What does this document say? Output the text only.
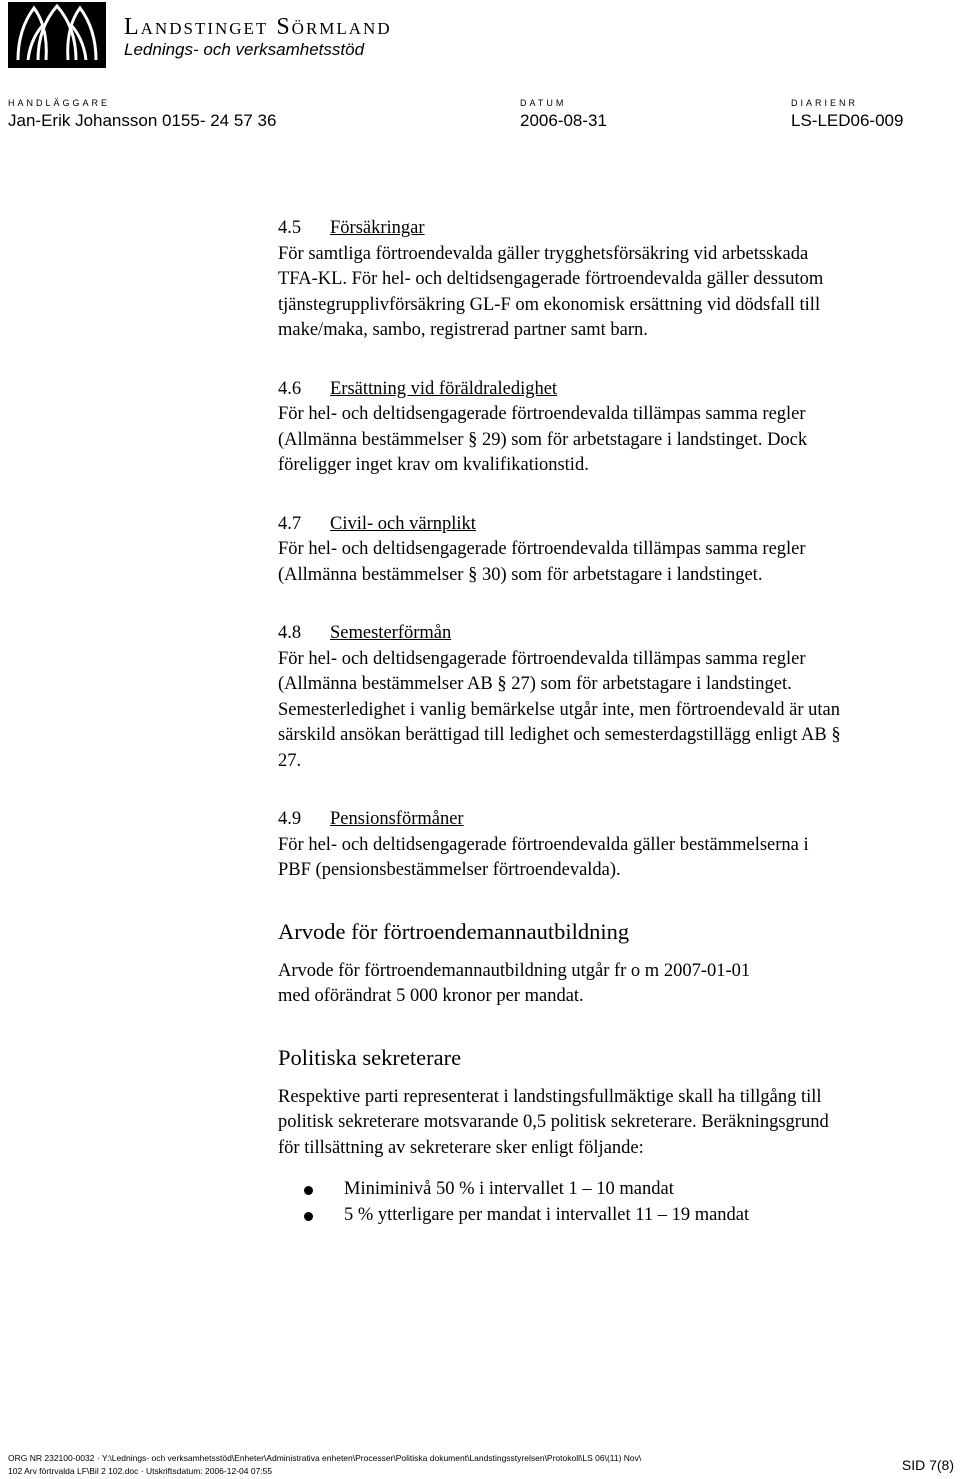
Landstinget Sörmland
Lednings- och verksamhetsstöd
HANDLÄGGARE
Jan-Erik Johansson 0155- 24 57 36
DATUM
2006-08-31
DIARIENR
LS-LED06-009
4.5 Försäkringar
För samtliga förtroendevalda gäller trygghetsförsäkring vid arbetsskada
TFA-KL. För hel- och deltidsengagerade förtroendevalda gäller dessutom
tjänstegrupplivförsäkring GL-F om ekonomisk ersättning vid dödsfall till
make/maka, sambo, registrerad partner samt barn.
4.6 Ersättning vid föräldraledighet
För hel- och deltidsengagerade förtroendevalda tillämpas samma regler
(Allmänna bestämmelser § 29) som för arbetstagare i landstinget. Dock
föreligger inget krav om kvalifikationstid.
4.7 Civil- och värnplikt
För hel- och deltidsengagerade förtroendevalda tillämpas samma regler
(Allmänna bestämmelser § 30) som för arbetstagare i landstinget.
4.8 Semesterförmån
För hel- och deltidsengagerade förtroendevalda tillämpas samma regler
(Allmänna bestämmelser AB § 27) som för arbetstagare i landstinget.
Semesterledighet i vanlig bemärkelse utgår inte, men förtroendevald är utan
särskild ansökan berättigad till ledighet och semesterdagstillägg enligt AB §
27.
4.9 Pensionsförmåner
För hel- och deltidsengagerade förtroendevalda gäller bestämmelserna i
PBF (pensionsbestämmelser förtroendevalda).
Arvode för förtroendemannautbildning
Arvode för förtroendemannautbildning utgår fr o m 2007-01-01
med oförändrat 5 000 kronor per mandat.
Politiska sekreterare
Respektive parti representerat i landstingsfullmäktige skall ha tillgång till
politisk sekreterare motsvarande 0,5 politisk sekreterare. Beräkningsgrund
för tillsättning av sekreterare sker enligt följande:
Miniminivå 50 % i intervallet 1 – 10 mandat
5 % ytterligare per mandat i intervallet 11 – 19 mandat
ORG NR 232100-0032 · Y:\Lednings- och verksamhetsstöd\Enheter\Administrativa enheten\Processer\Politiska dokument\Landstingsstyrelsen\Protokoll\LS 06\(11) Nov\
102 Arv förtrvalda LF\Bil 2 102.doc · Utskriftsdatum: 2006-12-04 07:55	SID 7(8)
